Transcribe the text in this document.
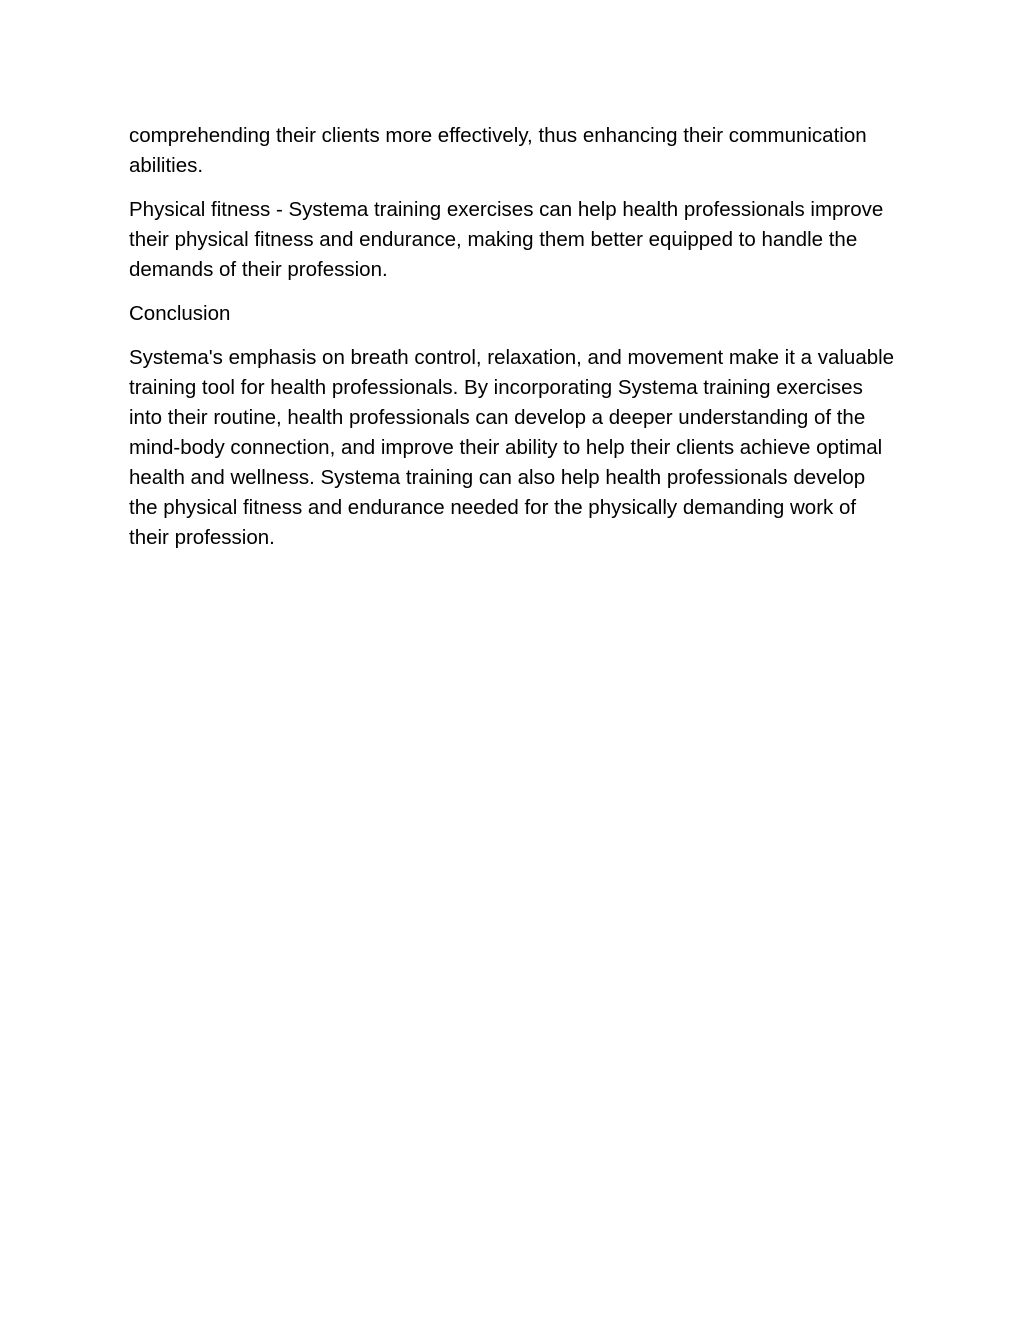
comprehending their clients more effectively, thus enhancing their communication abilities.

Physical fitness - Systema training exercises can help health professionals improve their physical fitness and endurance, making them better equipped to handle the demands of their profession.

Conclusion

Systema's emphasis on breath control, relaxation, and movement make it a valuable training tool for health professionals. By incorporating Systema training exercises into their routine, health professionals can develop a deeper understanding of the mind-body connection, and improve their ability to help their clients achieve optimal health and wellness. Systema training can also help health professionals develop the physical fitness and endurance needed for the physically demanding work of their profession.
